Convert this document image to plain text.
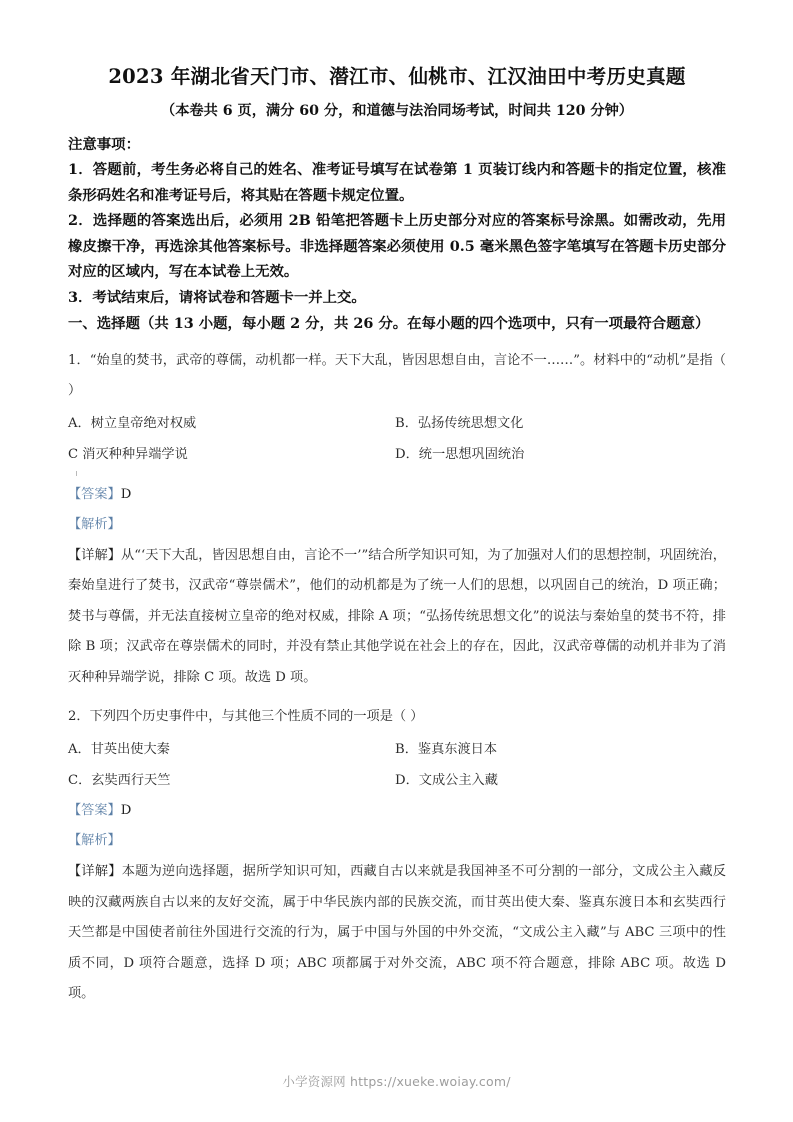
2023 年湖北省天门市、潜江市、仙桃市、江汉油田中考历史真题
（本卷共 6 页，满分 60 分，和道德与法治同场考试，时间共 120 分钟）
注意事项：
1．答题前，考生务必将自己的姓名、准考证号填写在试卷第 1 页装订线内和答题卡的指定位置，核准条形码姓名和准考证号后，将其贴在答题卡规定位置。
2．选择题的答案选出后，必须用 2B 铅笔把答题卡上历史部分对应的答案标号涂黑。如需改动，先用橡皮擦干净，再选涂其他答案标号。非选择题答案必须使用 0.5 毫米黑色签字笔填写在答题卡历史部分对应的区域内，写在本试卷上无效。
3．考试结束后，请将试卷和答题卡一并上交。
一、选择题（共 13 小题，每小题 2 分，共 26 分。在每小题的四个选项中，只有一项最符合题意）
1．“始皇的焚书，武帝的尊儒，动机都一样。天下大乱，皆因思想自由，言论不一……”。材料中的“动机”是指（ ）
A．树立皇帝绝对权威	B．弘扬传统思想文化
C 消灭种种异端学说	D．统一思想巩固统治
【答案】D
【解析】
【详解】从“‘天下大乱，皆因思想自由，言论不一’”结合所学知识可知，为了加强对人们的思想控制，巩固统治，秦始皇进行了焚书，汉武帝“尊崇儒术”，他们的动机都是为了统一人们的思想，以巩固自己的统治，D 项正确；焚书与尊儒，并无法直接树立皇帝的绝对权威，排除 A 项；“弘扬传统思想文化”的说法与秦始皇的焚书不符，排除 B 项；汉武帝在尊崇儒术的同时，并没有禁止其他学说在社会上的存在，因此，汉武帝尊儒的动机并非为了消灭种种异端学说，排除 C 项。故选 D 项。
2．下列四个历史事件中，与其他三个性质不同的一项是（ ）
A．甘英出使大秦	B．鉴真东渡日本
C．玄奘西行天竺	D．文成公主入藏
【答案】D
【解析】
【详解】本题为逆向选择题，据所学知识可知，西藏自古以来就是我国神圣不可分割的一部分，文成公主入藏反映的汉藏两族自古以来的友好交流，属于中华民族内部的民族交流，而甘英出使大秦、鉴真东渡日本和玄奘西行天竺都是中国使者前往外国进行交流的行为，属于中国与外国的中外交流，“文成公主入藏”与 ABC 三项中的性质不同，D 项符合题意，选择 D 项；ABC 项都属于对外交流，ABC 项不符合题意，排除 ABC 项。故选 D 项。
小学资源网 https://xueke.woiay.com/
